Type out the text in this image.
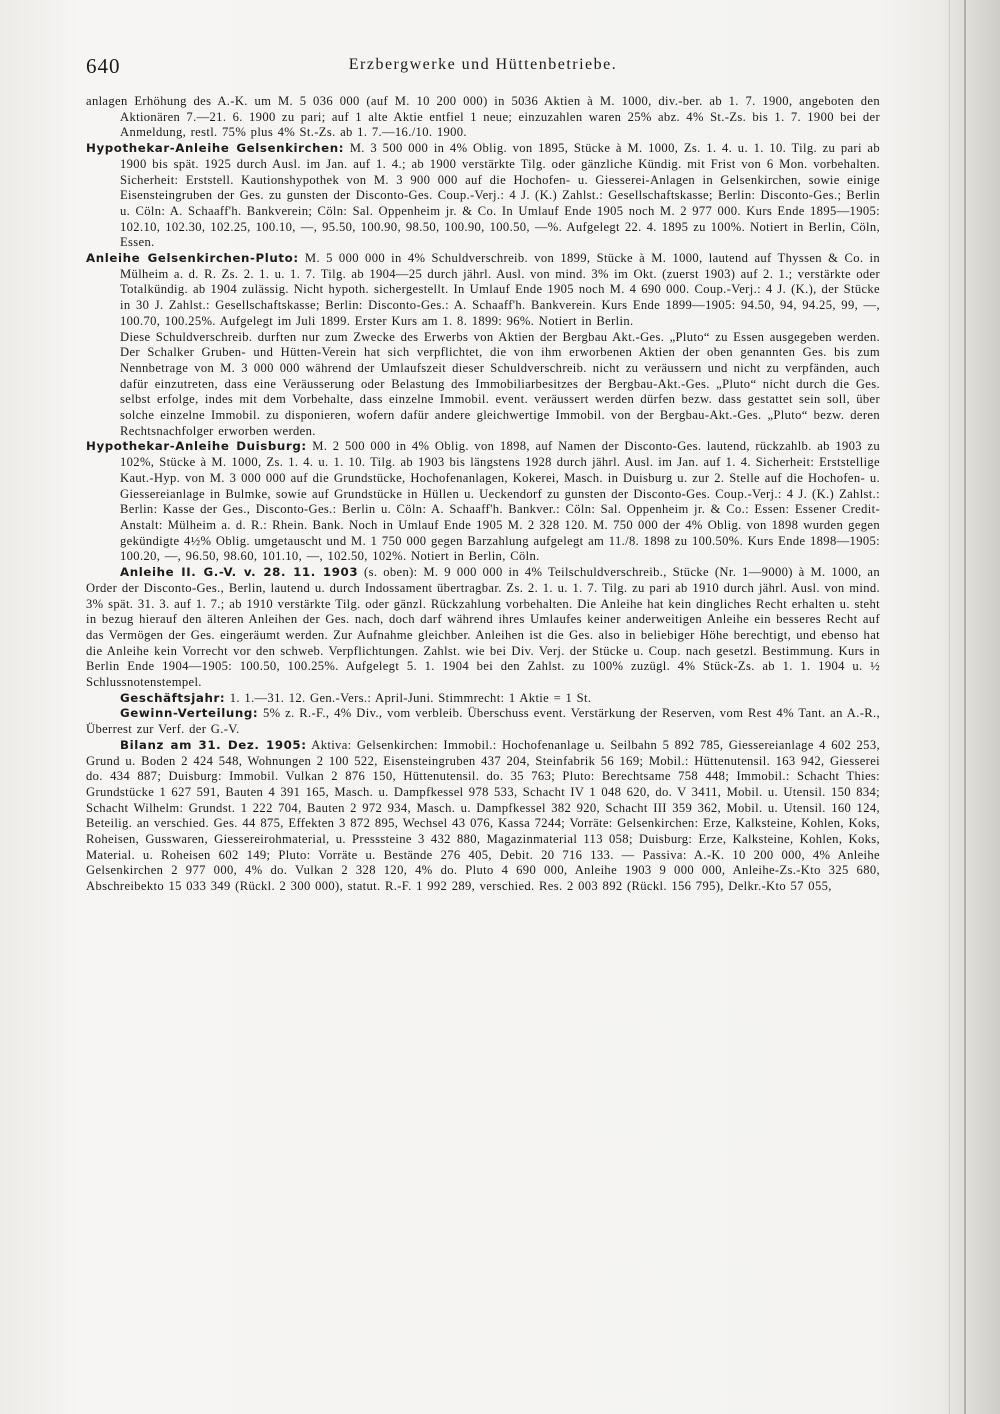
640	Erzbergwerke und Hüttenbetriebe.

anlagen Erhöhung des A.-K. um M. 5 036 000 (auf M. 10 200 000) in 5036 Aktien à M. 1000, div.-ber. ab 1. 7. 1900, angeboten den Aktionären 7.—21. 6. 1900 zu pari; auf 1 alte Aktie entfiel 1 neue; einzuzahlen waren 25% abz. 4% St.-Zs. bis 1. 7. 1900 bei der Anmeldung, restl. 75% plus 4% St.-Zs. ab 1. 7.—16./10. 1900.

Hypothekar-Anleihe Gelsenkirchen: M. 3 500 000 in 4% Oblig. von 1895, Stücke à M. 1000, Zs. 1. 4. u. 1. 10. Tilg. zu pari ab 1900 bis spät. 1925 durch Ausl. im Jan. auf 1. 4.; ab 1900 verstärkte Tilg. oder gänzliche Kündig. mit Frist von 6 Mon. vorbehalten. Sicherheit: Erststell. Kautionshypothek von M. 3 900 000 auf die Hochofen- u. Giesserei-Anlagen in Gelsenkirchen, sowie einige Eisensteingruben der Ges. zu gunsten der Disconto-Ges. Coup.-Verj.: 4 J. (K.) Zahlst.: Gesellschaftskasse; Berlin: Disconto-Ges.; Berlin u. Cöln: A. Schaaff'h. Bankverein; Cöln: Sal. Oppenheim jr. & Co. In Umlauf Ende 1905 noch M. 2 977 000. Kurs Ende 1895—1905: 102.10, 102.30, 102.25, 100.10, —, 95.50, 100.90, 98.50, 100.90, 100.50, —%. Aufgelegt 22. 4. 1895 zu 100%. Notiert in Berlin, Cöln, Essen.

Anleihe Gelsenkirchen-Pluto: M. 5 000 000 in 4% Schuldverschreib. von 1899, Stücke à M. 1000, lautend auf Thyssen & Co. in Mülheim a. d. R. Zs. 2. 1. u. 1. 7. Tilg. ab 1904—25 durch jährl. Ausl. von mind. 3% im Okt. (zuerst 1903) auf 2. 1.; verstärkte oder Totalkündig. ab 1904 zulässig. Nicht hypoth. sichergestellt. In Umlauf Ende 1905 noch M. 4 690 000. Coup.-Verj.: 4 J. (K.), der Stücke in 30 J. Zahlst.: Gesellschaftskasse; Berlin: Disconto-Ges.: A. Schaaff'h. Bankverein. Kurs Ende 1899—1905: 94.50, 94, 94.25, 99, —, 100.70, 100.25%. Aufgelegt im Juli 1899. Erster Kurs am 1. 8. 1899: 96%. Notiert in Berlin.

Diese Schuldverschreib. durften nur zum Zwecke des Erwerbs von Aktien der Bergbau Akt.-Ges. „Pluto“ zu Essen ausgegeben werden. Der Schalker Gruben- und Hütten-Verein hat sich verpflichtet, die von ihm erworbenen Aktien der oben genannten Ges. bis zum Nennbetrage von M. 3 000 000 während der Umlaufszeit dieser Schuldverschreib. nicht zu veräussern und nicht zu verpfänden, auch dafür einzutreten, dass eine Veräusserung oder Belastung des Immobiliarbesitzes der Bergbau-Akt.-Ges. „Pluto“ nicht durch die Ges. selbst erfolge, indes mit dem Vorbehalte, dass einzelne Immobil. event. veräussert werden dürfen bezw. dass gestattet sein soll, über solche einzelne Immobil. zu disponieren, wofern dafür andere gleichwertige Immobil. von der Bergbau-Akt.-Ges. „Pluto“ bezw. deren Rechtsnachfolger erworben werden.

Hypothekar-Anleihe Duisburg: M. 2 500 000 in 4% Oblig. von 1898, auf Namen der Disconto-Ges. lautend, rückzahlb. ab 1903 zu 102%, Stücke à M. 1000, Zs. 1. 4. u. 1. 10. Tilg. ab 1903 bis längstens 1928 durch jährl. Ausl. im Jan. auf 1. 4. Sicherheit: Erststellige Kaut.-Hyp. von M. 3 000 000 auf die Grundstücke, Hochofenanlagen, Kokerei, Masch. in Duisburg u. zur 2. Stelle auf die Hochofen- u. Giessereianlage in Bulmke, sowie auf Grundstücke in Hüllen u. Ueckendorf zu gunsten der Disconto-Ges. Coup.-Verj.: 4 J. (K.) Zahlst.: Berlin: Kasse der Ges., Disconto-Ges.: Berlin u. Cöln: A. Schaaff'h. Bankver.: Cöln: Sal. Oppenheim jr. & Co.: Essen: Essener Credit-Anstalt: Mülheim a. d. R.: Rhein. Bank. Noch in Umlauf Ende 1905 M. 2 328 120. M. 750 000 der 4% Oblig. von 1898 wurden gegen gekündigte 4½% Oblig. umgetauscht und M. 1 750 000 gegen Barzahlung aufgelegt am 11./8. 1898 zu 100.50%. Kurs Ende 1898—1905: 100.20, —, 96.50, 98.60, 101.10, —, 102.50, 102%. Notiert in Berlin, Cöln.

Anleihe II. G.-V. v. 28. 11. 1903 (s. oben): M. 9 000 000 in 4% Teilschuldverschreib., Stücke (Nr. 1—9000) à M. 1000, an Order der Disconto-Ges., Berlin, lautend u. durch Indossament übertragbar. Zs. 2. 1. u. 1. 7. Tilg. zu pari ab 1910 durch jährl. Ausl. von mind. 3% spät. 31. 3. auf 1. 7.; ab 1910 verstärkte Tilg. oder gänzl. Rückzahlung vorbehalten. Die Anleihe hat kein dingliches Recht erhalten u. steht in bezug hierauf den älteren Anleihen der Ges. nach, doch darf während ihres Umlaufes keiner anderweitigen Anleihe ein besseres Recht auf das Vermögen der Ges. eingeräumt werden. Zur Aufnahme gleichber. Anleihen ist die Ges. also in beliebiger Höhe berechtigt, und ebenso hat die Anleihe kein Vorrecht vor den schweb. Verpflichtungen. Zahlst. wie bei Div. Verj. der Stücke u. Coup. nach gesetzl. Bestimmung. Kurs in Berlin Ende 1904—1905: 100.50, 100.25%. Aufgelegt 5. 1. 1904 bei den Zahlst. zu 100% zuzügl. 4% Stück-Zs. ab 1. 1. 1904 u. ½ Schlussnotenstempel.

Geschäftsjahr: 1. 1.—31. 12. Gen.-Vers.: April-Juni. Stimmrecht: 1 Aktie = 1 St.

Gewinn-Verteilung: 5% z. R.-F., 4% Div., vom verbleib. Überschuss event. Verstärkung der Reserven, vom Rest 4% Tant. an A.-R., Überrest zur Verf. der G.-V.

Bilanz am 31. Dez. 1905: Aktiva: Gelsenkirchen: Immobil.: Hochofenanlage u. Seilbahn 5 892 785, Giessereianlage 4 602 253, Grund u. Boden 2 424 548, Wohnungen 2 100 522, Eisensteingruben 437 204, Steinfabrik 56 169; Mobil.: Hüttenutensil. 163 942, Giesserei do. 434 887; Duisburg: Immobil. Vulkan 2 876 150, Hüttenutensil. do. 35 763; Pluto: Berechtsame 758 448; Immobil.: Schacht Thies: Grundstücke 1 627 591, Bauten 4 391 165, Masch. u. Dampfkessel 978 533, Schacht IV 1 048 620, do. V 3411, Mobil. u. Utensil. 150 834; Schacht Wilhelm: Grundst. 1 222 704, Bauten 2 972 934, Masch. u. Dampfkessel 382 920, Schacht III 359 362, Mobil. u. Utensil. 160 124, Beteilig. an verschied. Ges. 44 875, Effekten 3 872 895, Wechsel 43 076, Kassa 7244; Vorräte: Gelsenkirchen: Erze, Kalksteine, Kohlen, Koks, Roheisen, Gusswaren, Giessereirohmaterial, u. Presssteine 3 432 880, Magazinmaterial 113 058; Duisburg: Erze, Kalksteine, Kohlen, Koks, Material. u. Roheisen 602 149; Pluto: Vorräte u. Bestände 276 405, Debit. 20 716 133. — Passiva: A.-K. 10 200 000, 4% Anleihe Gelsenkirchen 2 977 000, 4% do. Vulkan 2 328 120, 4% do. Pluto 4 690 000, Anleihe 1903 9 000 000, Anleihe-Zs.-Kto 325 680, Abschreibekto 15 033 349 (Rückl. 2 300 000), statut. R.-F. 1 992 289, verschied. Res. 2 003 892 (Rückl. 156 795), Delkr.-Kto 57 055,
